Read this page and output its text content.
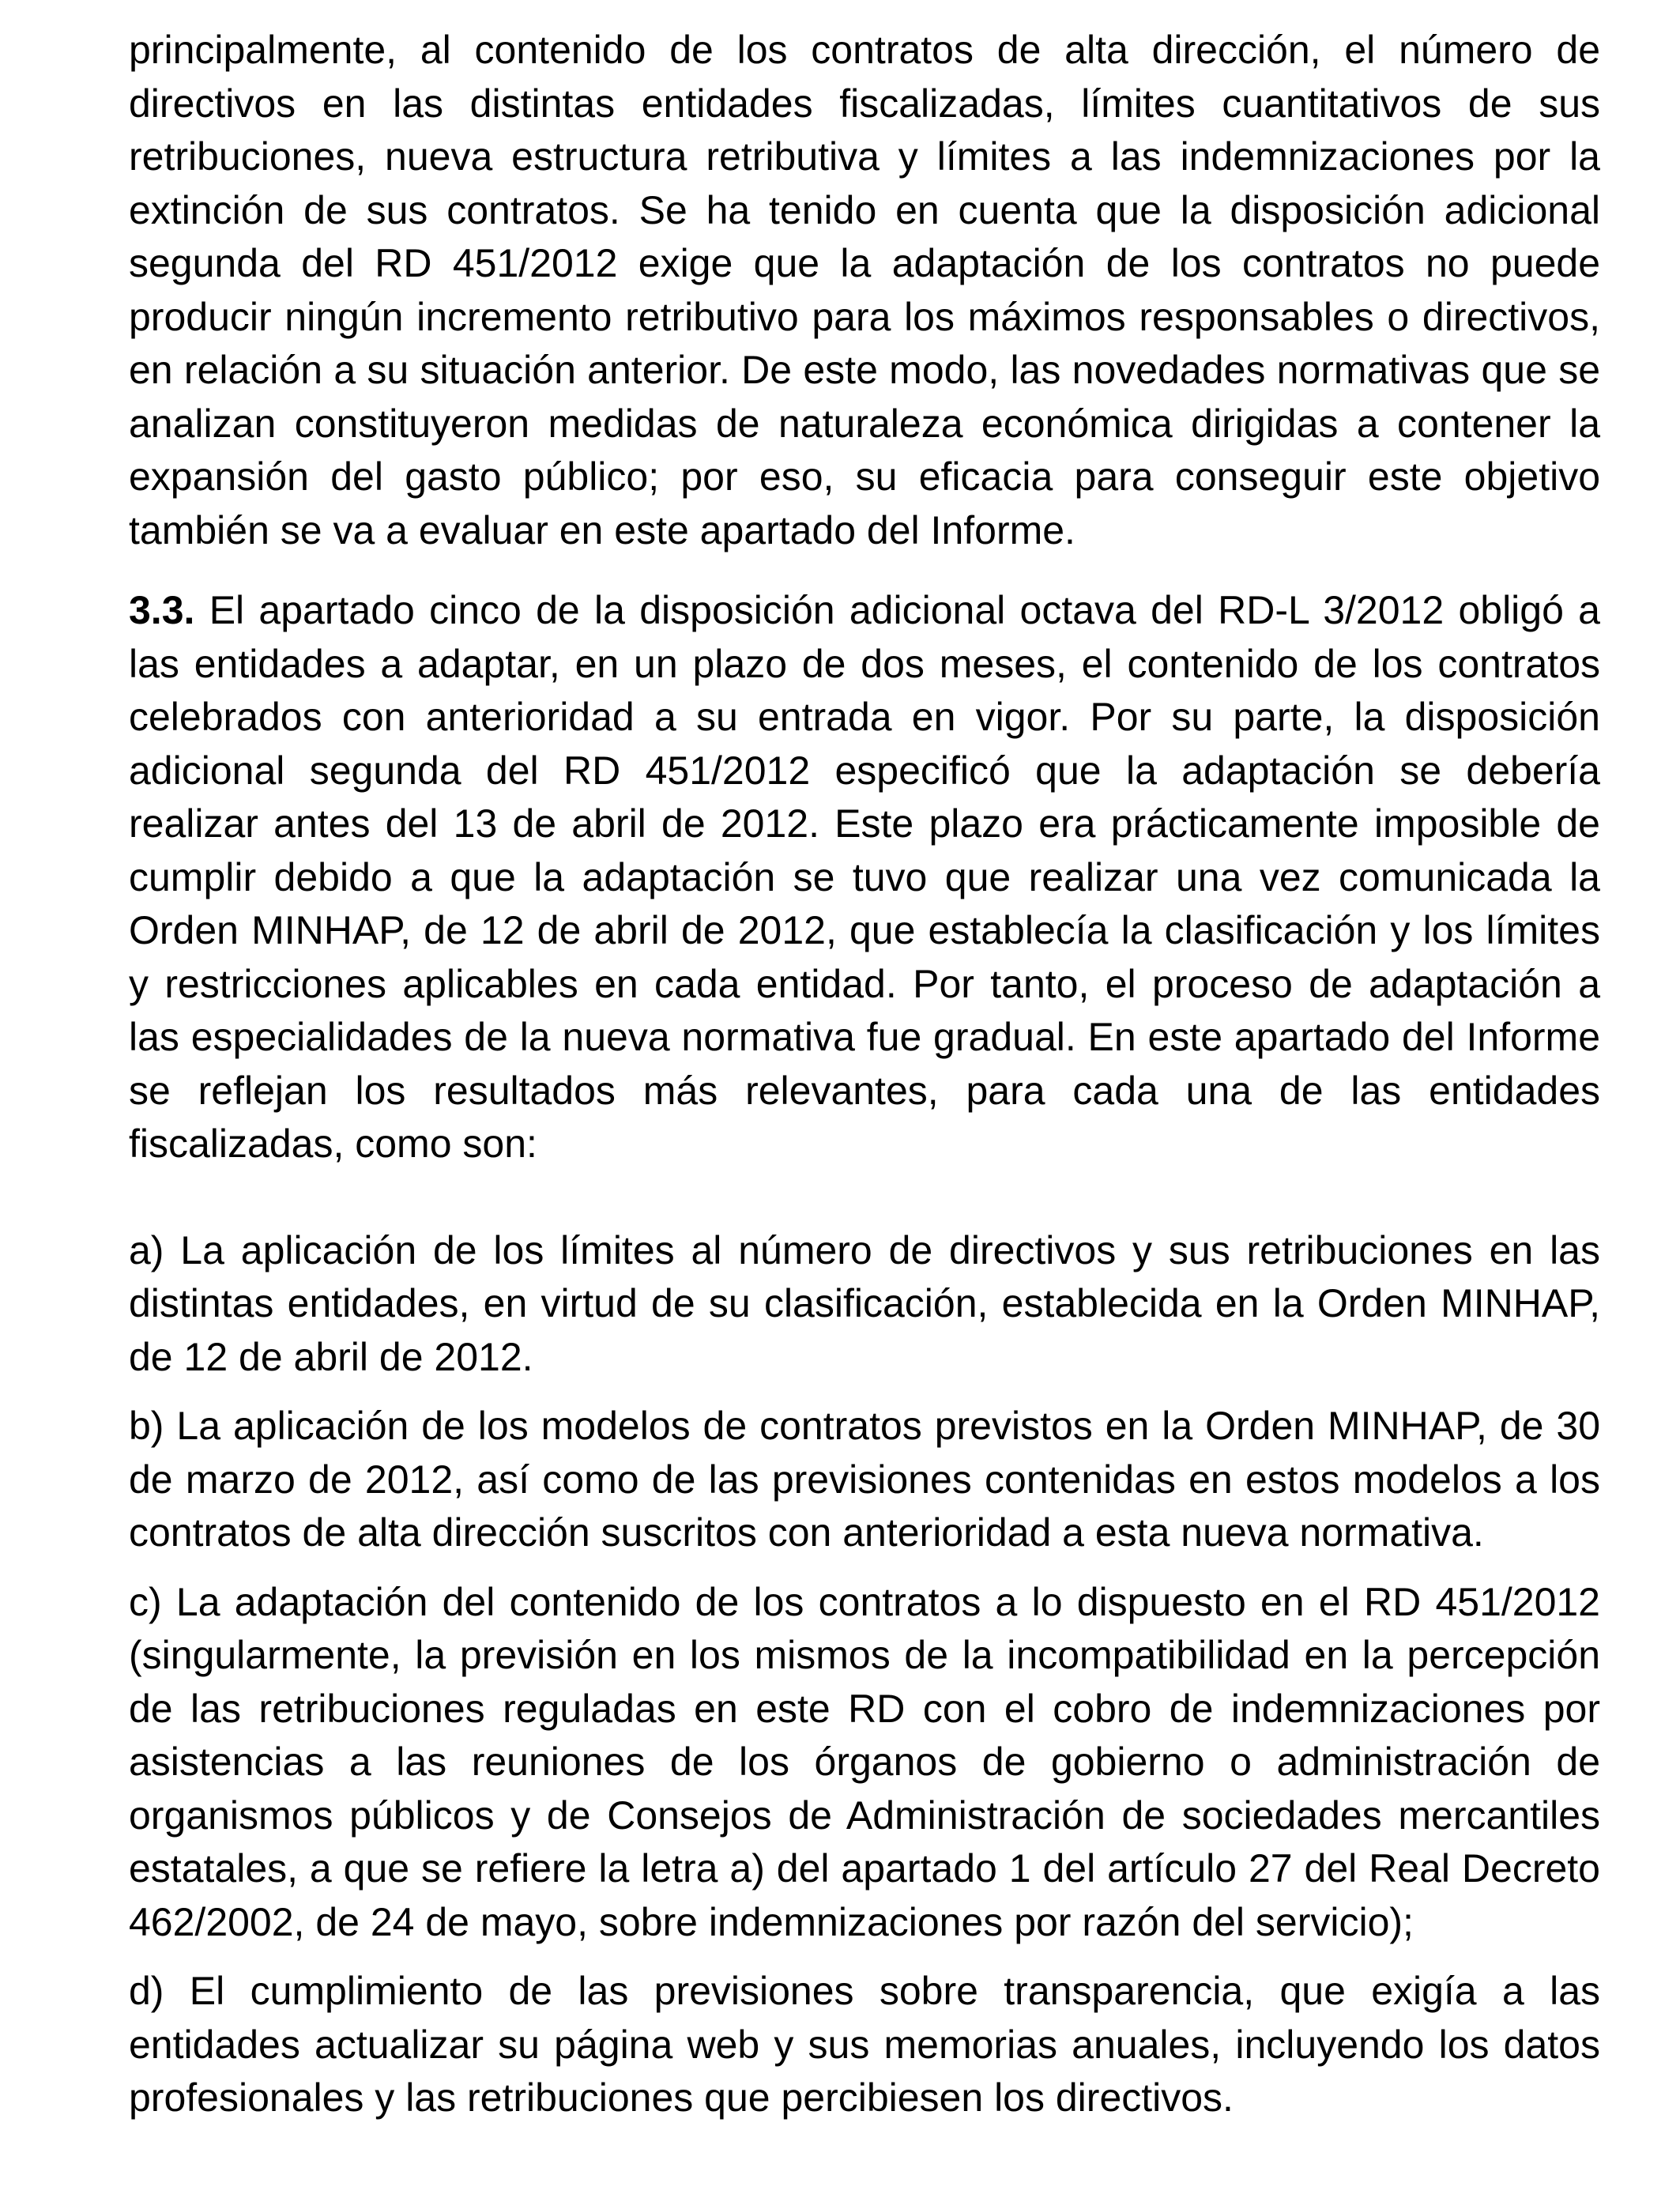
principalmente, al contenido de los contratos de alta dirección, el número de directivos en las distintas entidades fiscalizadas, límites cuantitativos de sus retribuciones, nueva estructura retributiva y límites a las indemnizaciones por la extinción de sus contratos. Se ha tenido en cuenta que la disposición adicional segunda del RD 451/2012 exige que la adaptación de los contratos no puede producir ningún incremento retributivo para los máximos responsables o directivos, en relación a su situación anterior. De este modo, las novedades normativas que se analizan constituyeron medidas de naturaleza económica dirigidas a contener la expansión del gasto público; por eso, su eficacia para conseguir este objetivo también se va a evaluar en este apartado del Informe.

3.3. El apartado cinco de la disposición adicional octava del RD-L 3/2012 obligó a las entidades a adaptar, en un plazo de dos meses, el contenido de los contratos celebrados con anterioridad a su entrada en vigor. Por su parte, la disposición adicional segunda del RD 451/2012 especificó que la adaptación se debería realizar antes del 13 de abril de 2012. Este plazo era prácticamente imposible de cumplir debido a que la adaptación se tuvo que realizar una vez comunicada la Orden MINHAP, de 12 de abril de 2012, que establecía la clasificación y los límites y restricciones aplicables en cada entidad. Por tanto, el proceso de adaptación a las especialidades de la nueva normativa fue gradual. En este apartado del Informe se reflejan los resultados más relevantes, para cada una de las entidades fiscalizadas, como son:

a) La aplicación de los límites al número de directivos y sus retribuciones en las distintas entidades, en virtud de su clasificación, establecida en la Orden MINHAP, de 12 de abril de 2012.

b) La aplicación de los modelos de contratos previstos en la Orden MINHAP, de 30 de marzo de 2012, así como de las previsiones contenidas en estos modelos a los contratos de alta dirección suscritos con anterioridad a esta nueva normativa.

c) La adaptación del contenido de los contratos a lo dispuesto en el RD 451/2012 (singularmente, la previsión en los mismos de la incompatibilidad en la percepción de las retribuciones reguladas en este RD con el cobro de indemnizaciones por asistencias a las reuniones de los órganos de gobierno o administración de organismos públicos y de Consejos de Administración de sociedades mercantiles estatales, a que se refiere la letra a) del apartado 1 del artículo 27 del Real Decreto 462/2002, de 24 de mayo, sobre indemnizaciones por razón del servicio);

d) El cumplimiento de las previsiones sobre transparencia, que exigía a las entidades actualizar su página web y sus memorias anuales, incluyendo los datos profesionales y las retribuciones que percibiesen los directivos.
